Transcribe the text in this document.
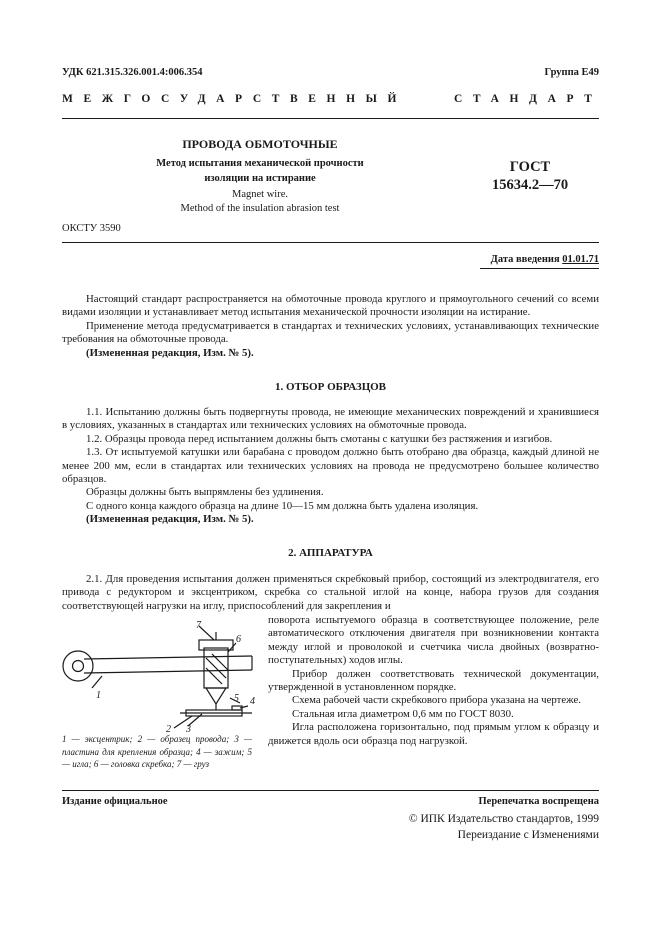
УДК 621.315.326.001.4:006.354	Группа Е49
МЕЖГОСУДАРСТВЕННЫЙ	СТАНДАРТ
ПРОВОДА ОБМОТОЧНЫЕ
Метод испытания механической прочности
изоляции на истирание
Magnet wire.
Method of the insulation abrasion test
ГОСТ
15634.2—70
ОКСТУ 3590
Дата введения 01.01.71

Настоящий стандарт распространяется на обмоточные провода круглого и прямоугольного сечений со всеми видами изоляции и устанавливает метод испытания механической прочности изоляции на истирание.

Применение метода предусматривается в стандартах и технических условиях, устанавливающих технические требования на обмоточные провода.

(Измененная редакция, Изм. № 5).

1. ОТБОР ОБРАЗЦОВ

1.1. Испытанию должны быть подвергнуты провода, не имеющие механических повреждений и хранившиеся в условиях, указанных в стандартах или технических условиях на обмоточные провода.

1.2. Образцы провода перед испытанием должны быть смотаны с катушки без растяжения и изгибов.

1.3. От испытуемой катушки или барабана с проводом должно быть отобрано два образца, каждый длиной не менее 200 мм, если в стандартах или технических условиях на провода не предусмотрено большее количество образцов.

Образцы должны быть выпрямлены без удлинения.

С одного конца каждого образца на длине 10—15 мм должна быть удалена изоляция.

(Измененная редакция, Изм. № 5).

2. АППАРАТУРА

2.1. Для проведения испытания должен применяться скребковый прибор, состоящий из электродвигателя, его привода с редуктором и эксцентриком, скребка со стальной иглой на конце, набора грузов для создания соответствующей нагрузки на иглу, приспособлений для закрепления и

1
2 3
4
5
6
7
1 — эксцентрик; 2 — образец провода; 3 — пластина для крепления образца; 4 — зажим; 5 — игла; 6 — головка скребка; 7 — груз

поворота испытуемого образца в соответствующее положение, реле автоматического отключения двигателя при возникновении контакта между иглой и проволокой и счетчика числа двойных (возвратно-поступательных) ходов иглы.

Прибор должен соответствовать технической документации, утвержденной в установленном порядке.

Схема рабочей части скребкового прибора указана на чертеже.

Стальная игла диаметром 0,6 мм по ГОСТ 8030.

Игла расположена горизонтально, под прямым углом к образцу и движется вдоль оси образца под нагрузкой.

Издание официальное	Перепечатка воспрещена
© ИПК Издательство стандартов, 1999
Переиздание с Изменениями
